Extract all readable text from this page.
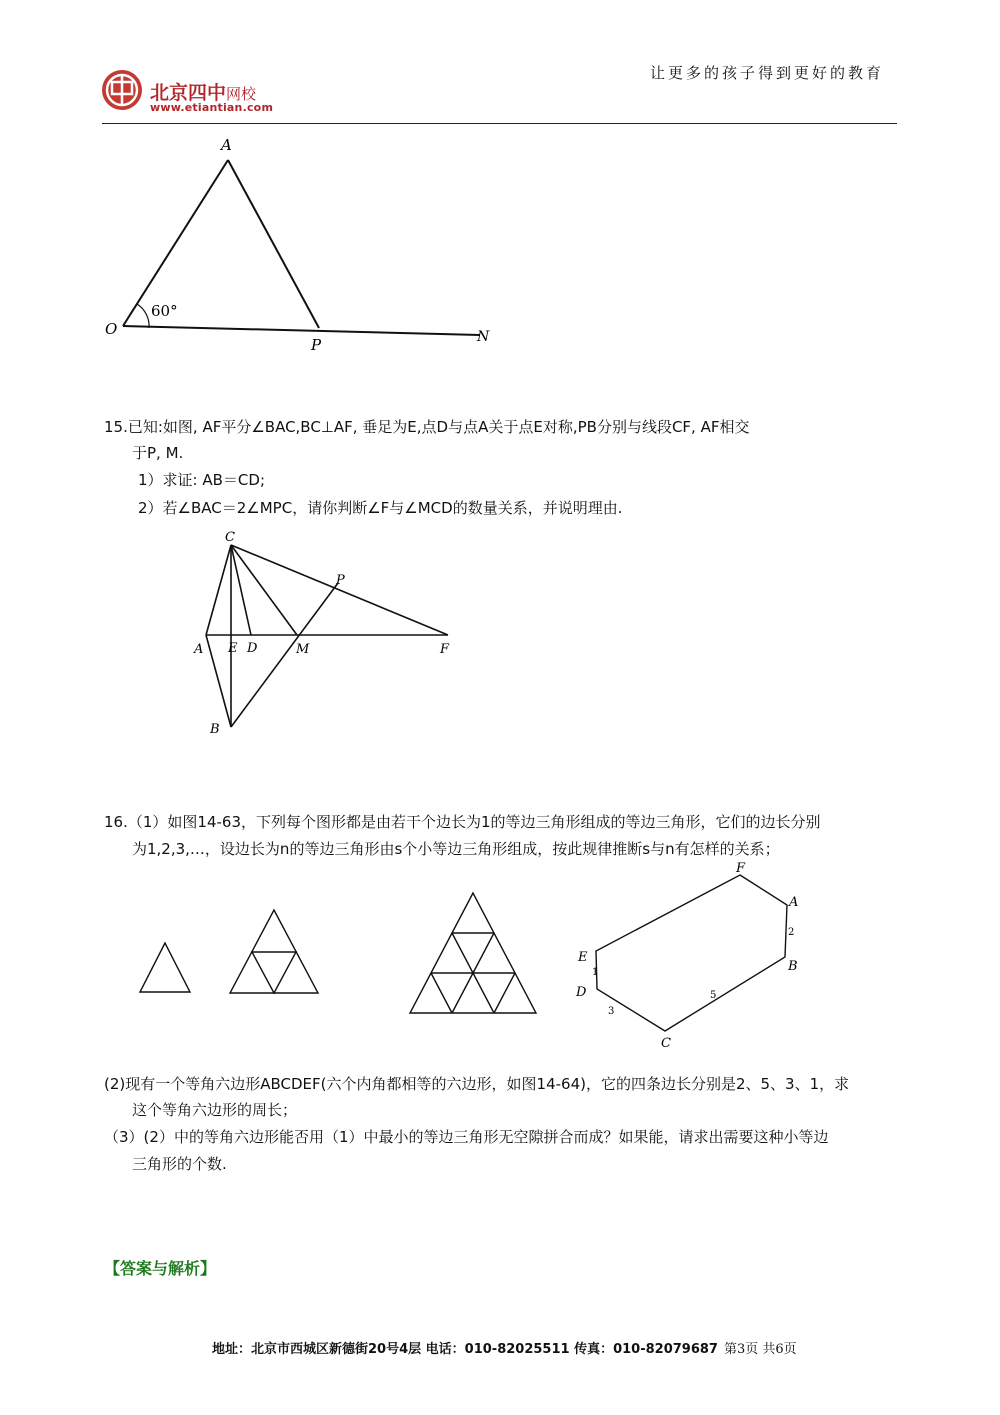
北京四中网校
www.etiantian.com
让更多的孩子得到更好的教育
A
O
P	N
60°
15.已知:如图, AF平分∠BAC,BC⊥AF, 垂足为E,点D与点A关于点E对称,PB分别与线段CF, AF相交
于P, M.
1）求证: AB＝CD;
2）若∠BAC＝2∠MPC，请你判断∠F与∠MCD的数量关系，并说明理由.
C
P
A E D	M	F
B
16.（1）如图14-63，下列每个图形都是由若干个边长为1的等边三角形组成的等边三角形，它们的边长分别
为1,2,3,…，设边长为n的等边三角形由s个小等边三角形组成，按此规律推断s与n有怎样的关系；
F
A
B
C
D
E
2
5
3
1
(2)现有一个等角六边形ABCDEF(六个内角都相等的六边形，如图14-64)，它的四条边长分别是2、5、3、1，求
这个等角六边形的周长；
（3）(2）中的等角六边形能否用（1）中最小的等边三角形无空隙拼合而成？如果能，请求出需要这种小等边
三角形的个数.
【答案与解析】
地址：北京市西城区新德街20号4层 电话：010-82025511 传真：010-82079687 第3页 共6页
